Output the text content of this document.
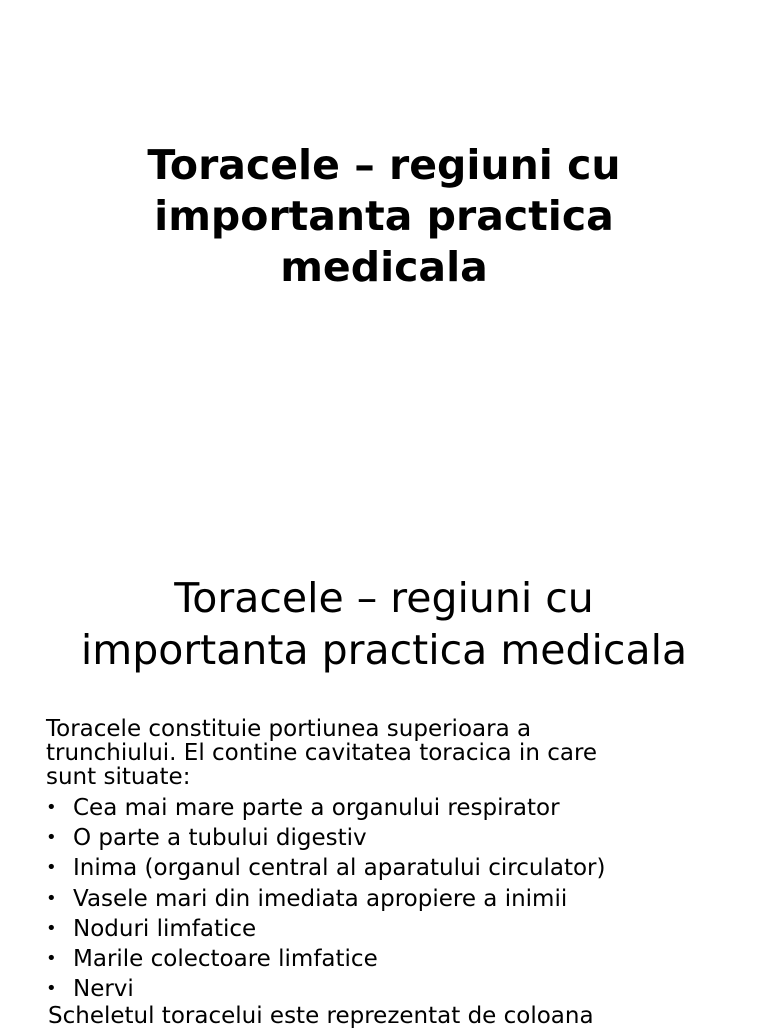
Toracele – regiuni cu
importanta practica
medicala
Toracele – regiuni cu
importanta practica medicala
Toracele constituie portiunea superioara a
trunchiului. El contine cavitatea toracica in care
sunt situate:
• Cea mai mare parte a organului respirator
• O parte a tubului digestiv
• Inima (organul central al aparatului circulator)
• Vasele mari din imediata apropiere a inimii
• Noduri limfatice
• Marile colectoare limfatice
• Nervi
Scheletul toracelui este reprezentat de coloana
